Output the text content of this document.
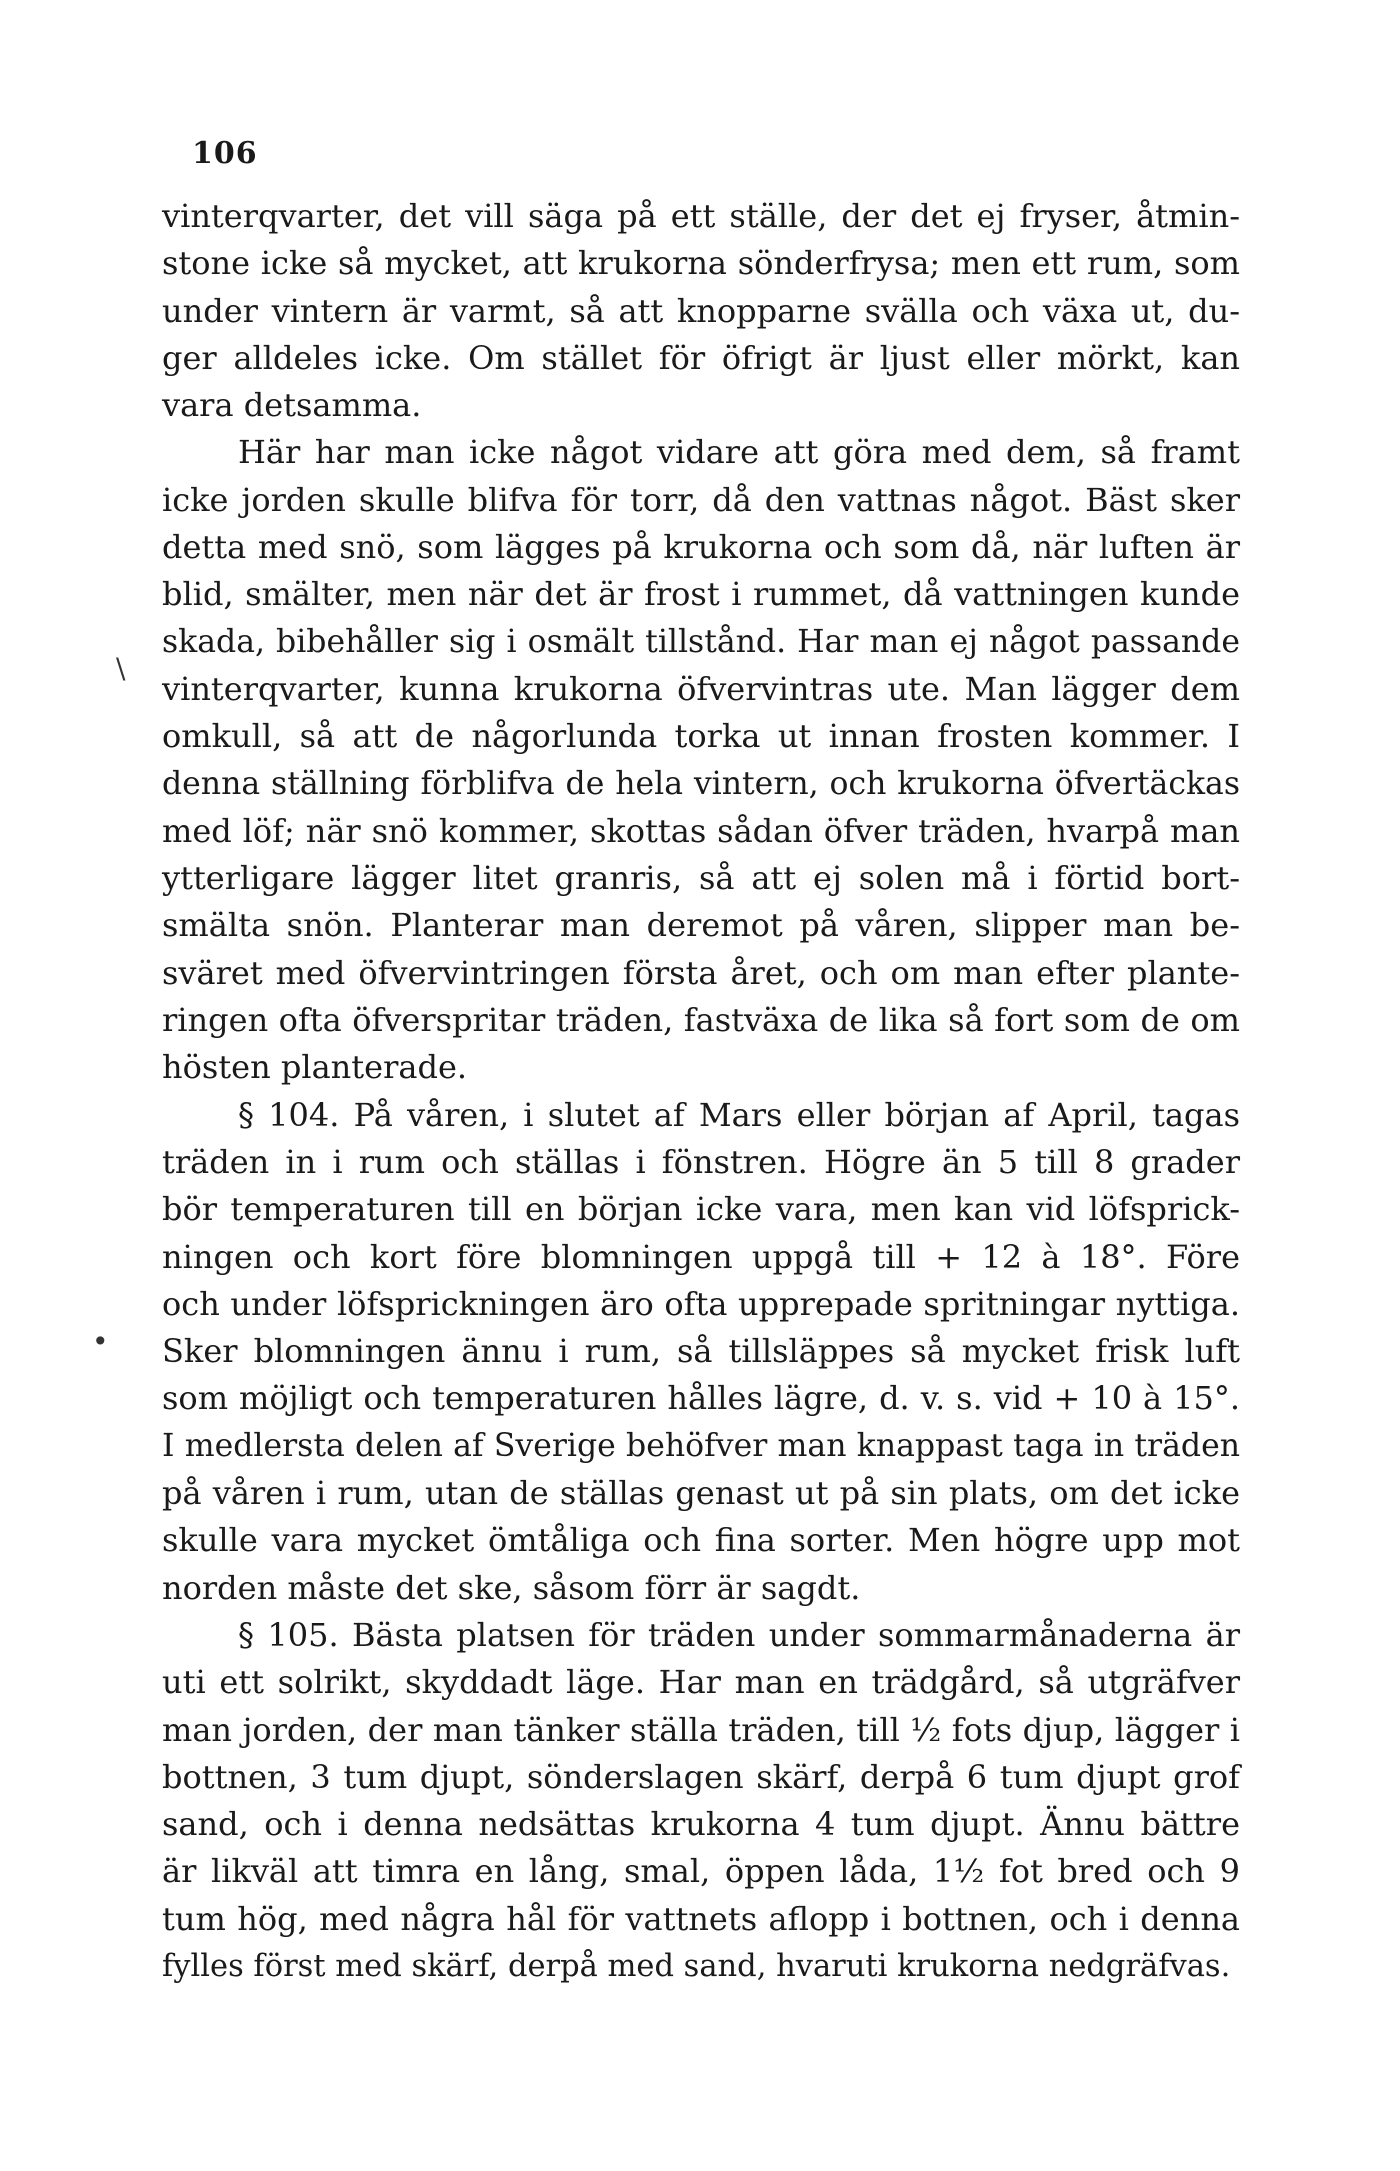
106
\
•
vinterqvarter, det vill säga på ett ställe, der det ej fryser, åtmin-
stone icke så mycket, att krukorna sönderfrysa; men ett rum, som
under vintern är varmt, så att knopparne svälla och växa ut, du-
ger alldeles icke. Om stället för öfrigt är ljust eller mörkt, kan
vara detsamma.
Här har man icke något vidare att göra med dem, så framt
icke jorden skulle blifva för torr, då den vattnas något. Bäst sker
detta med snö, som lägges på krukorna och som då, när luften är
blid, smälter, men när det är frost i rummet, då vattningen kunde
skada, bibehåller sig i osmält tillstånd. Har man ej något passande
vinterqvarter, kunna krukorna öfvervintras ute. Man lägger dem
omkull, så att de någorlunda torka ut innan frosten kommer. I
denna ställning förblifva de hela vintern, och krukorna öfvertäckas
med löf; när snö kommer, skottas sådan öfver träden, hvarpå man
ytterligare lägger litet granris, så att ej solen må i förtid bort-
smälta snön. Planterar man deremot på våren, slipper man be-
sväret med öfvervintringen första året, och om man efter plante-
ringen ofta öfverspritar träden, fastväxa de lika så fort som de om
hösten planterade.
§ 104. På våren, i slutet af Mars eller början af April, tagas
träden in i rum och ställas i fönstren. Högre än 5 till 8 grader
bör temperaturen till en början icke vara, men kan vid löfsprick-
ningen och kort före blomningen uppgå till + 12 à 18°. Före
och under löfsprickningen äro ofta upprepade spritningar nyttiga.
Sker blomningen ännu i rum, så tillsläppes så mycket frisk luft
som möjligt och temperaturen hålles lägre, d. v. s. vid + 10 à 15°.
I medlersta delen af Sverige behöfver man knappast taga in träden
på våren i rum, utan de ställas genast ut på sin plats, om det icke
skulle vara mycket ömtåliga och fina sorter. Men högre upp mot
norden måste det ske, såsom förr är sagdt.
§ 105. Bästa platsen för träden under sommarmånaderna är
uti ett solrikt, skyddadt läge. Har man en trädgård, så utgräfver
man jorden, der man tänker ställa träden, till ½ fots djup, lägger i
bottnen, 3 tum djupt, sönderslagen skärf, derpå 6 tum djupt grof
sand, och i denna nedsättas krukorna 4 tum djupt. Ännu bättre
är likväl att timra en lång, smal, öppen låda, 1½ fot bred och 9
tum hög, med några hål för vattnets aflopp i bottnen, och i denna
fylles först med skärf, derpå med sand, hvaruti krukorna nedgräfvas.
